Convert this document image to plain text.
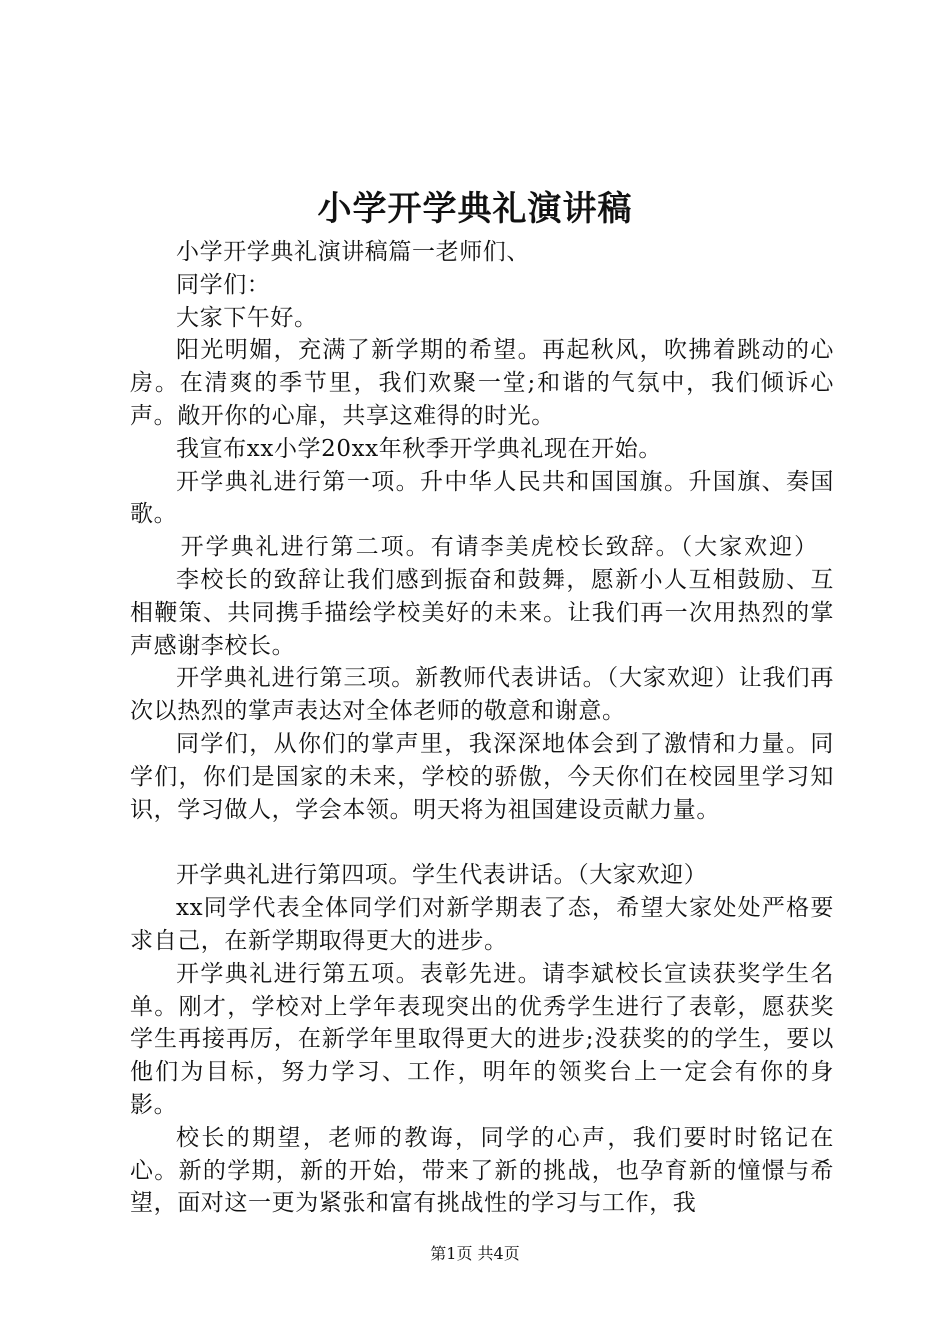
小学开学典礼演讲稿

小学开学典礼演讲稿篇一老师们、

同学们：

大家下午好。

阳光明媚，充满了新学期的希望。再起秋风，吹拂着跳动的心房。在清爽的季节里，我们欢聚一堂;和谐的气氛中，我们倾诉心声。敞开你的心扉，共享这难得的时光。

我宣布xx小学20xx年秋季开学典礼现在开始。

开学典礼进行第一项。升中华人民共和国国旗。升国旗、奏国歌。

开学典礼进行第二项。有请李美虎校长致辞。（大家欢迎）

李校长的致辞让我们感到振奋和鼓舞，愿新小人互相鼓励、互相鞭策、共同携手描绘学校美好的未来。让我们再一次用热烈的掌声感谢李校长。

开学典礼进行第三项。新教师代表讲话。（大家欢迎）让我们再次以热烈的掌声表达对全体老师的敬意和谢意。

同学们，从你们的掌声里，我深深地体会到了激情和力量。同学们，你们是国家的未来，学校的骄傲，今天你们在校园里学习知识，学习做人，学会本领。明天将为祖国建设贡献力量。

开学典礼进行第四项。学生代表讲话。（大家欢迎）

xx同学代表全体同学们对新学期表了态，希望大家处处严格要求自己，在新学期取得更大的进步。

开学典礼进行第五项。表彰先进。请李斌校长宣读获奖学生名单。刚才，学校对上学年表现突出的优秀学生进行了表彰，愿获奖学生再接再厉，在新学年里取得更大的进步;没获奖的的学生，要以他们为目标，努力学习、工作，明年的领奖台上一定会有你的身影。

校长的期望，老师的教诲，同学的心声，我们要时时铭记在心。新的学期，新的开始，带来了新的挑战，也孕育新的憧憬与希望，面对这一更为紧张和富有挑战性的学习与工作，我

第1页 共4页
